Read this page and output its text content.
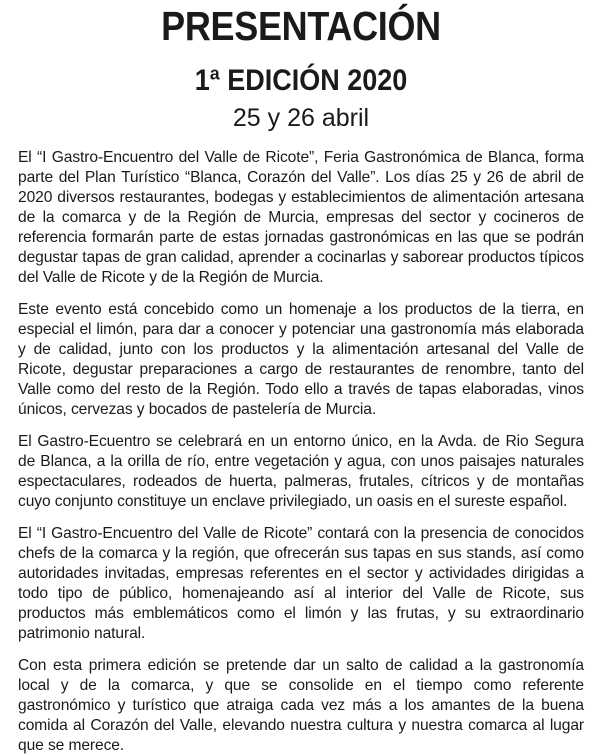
PRESENTACIÓN
1ª EDICIÓN 2020
25 y 26 abril

El “I Gastro-Encuentro del Valle de Ricote”, Feria Gastronómica de Blanca, forma parte del Plan Turístico “Blanca, Corazón del Valle”. Los días 25 y 26 de abril de 2020 diversos restaurantes, bodegas y establecimientos de alimentación artesana de la comarca y de la Región de Murcia, empresas del sector y cocineros de referencia formarán parte de estas jornadas gastronómicas en las que se podrán degustar tapas de gran calidad, aprender a cocinarlas y saborear productos típicos del Valle de Ricote y de la Región de Murcia.

Este evento está concebido como un homenaje a los productos de la tierra, en especial el limón, para dar a conocer y potenciar una gastronomía más elaborada y de calidad, junto con los productos y la alimentación artesanal del Valle de Ricote, degustar preparaciones a cargo de restaurantes de renombre, tanto del Valle como del resto de la Región. Todo ello a través de tapas elaboradas, vinos únicos, cervezas y bocados de pastelería de Murcia.

El Gastro-Ecuentro se celebrará en un entorno único, en la Avda. de Rio Segura de Blanca, a la orilla de río, entre vegetación y agua, con unos paisajes naturales espectaculares, rodeados de huerta, palmeras, frutales, cítricos y de montañas cuyo conjunto constituye un enclave privilegiado, un oasis en el sureste español.

El “I Gastro-Encuentro del Valle de Ricote” contará con la presencia de conocidos chefs de la comarca y la región, que ofrecerán sus tapas en sus stands, así como autoridades invitadas, empresas referentes en el sector y actividades dirigidas a todo tipo de público, homenajeando así al interior del Valle de Ricote, sus productos más emblemáticos como el limón y las frutas, y su extraordinario patrimonio natural.

Con esta primera edición se pretende dar un salto de calidad a la gastronomía local y de la comarca, y que se consolide en el tiempo como referente gastronómico y turístico que atraiga cada vez más a los amantes de la buena comida al Corazón del Valle, elevando nuestra cultura y nuestra comarca al lugar que se merece.
